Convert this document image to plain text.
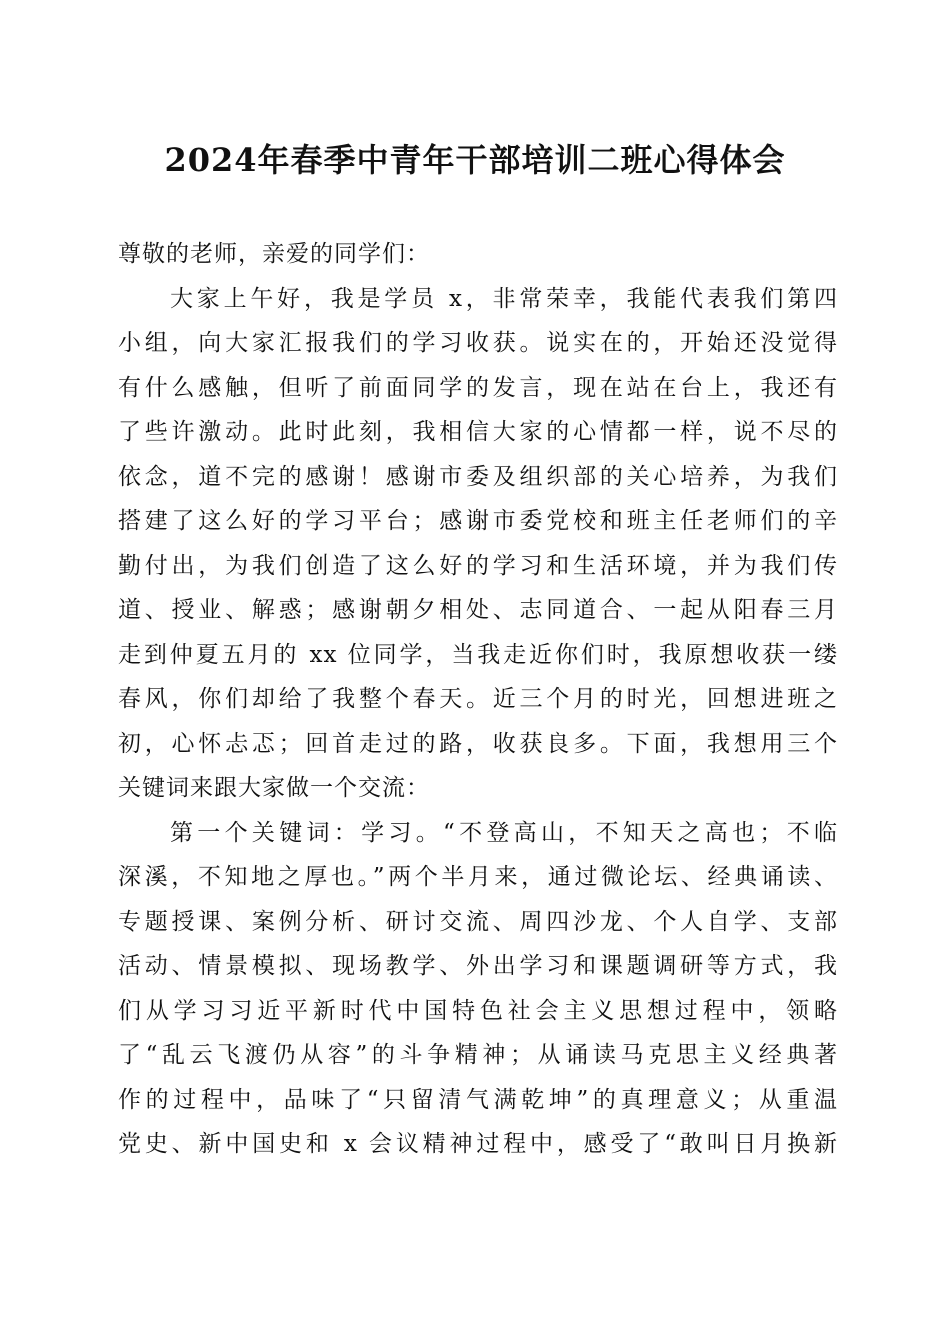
2024年春季中青年干部培训二班心得体会
尊敬的老师，亲爱的同学们：
大家上午好，我是学员 x，非常荣幸，我能代表我们第四
小组，向大家汇报我们的学习收获。说实在的，开始还没觉得
有什么感触，但听了前面同学的发言，现在站在台上，我还有
了些许激动。此时此刻，我相信大家的心情都一样，说不尽的
依念，道不完的感谢！感谢市委及组织部的关心培养，为我们
搭建了这么好的学习平台；感谢市委党校和班主任老师们的辛
勤付出，为我们创造了这么好的学习和生活环境，并为我们传
道、授业、解惑；感谢朝夕相处、志同道合、一起从阳春三月
走到仲夏五月的 xx 位同学，当我走近你们时，我原想收获一缕
春风，你们却给了我整个春天。近三个月的时光，回想进班之
初，心怀忐忑；回首走过的路，收获良多。下面，我想用三个
关键词来跟大家做一个交流：
第一个关键词：学习。“不登高山，不知天之高也；不临
深溪，不知地之厚也。”两个半月来，通过微论坛、经典诵读、
专题授课、案例分析、研讨交流、周四沙龙、个人自学、支部
活动、情景模拟、现场教学、外出学习和课题调研等方式，我
们从学习习近平新时代中国特色社会主义思想过程中，领略
了“乱云飞渡仍从容”的斗争精神；从诵读马克思主义经典著
作的过程中，品味了“只留清气满乾坤”的真理意义；从重温
党史、新中国史和 x 会议精神过程中，感受了“敢叫日月换新
